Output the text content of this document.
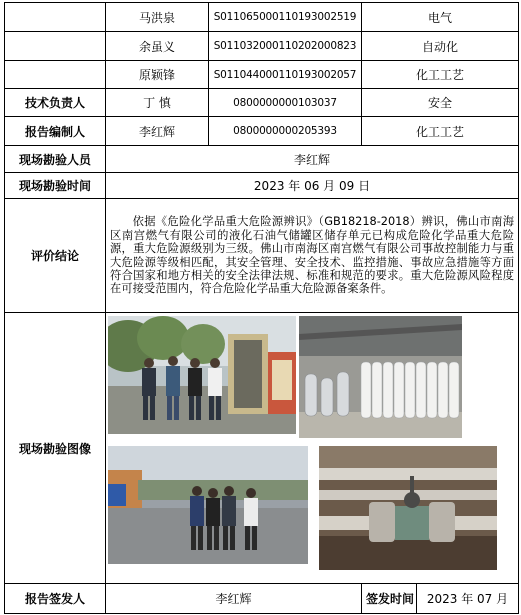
	马洪泉	S011065000110193002519	电气	
	余虽义	S011032000110202000823	自动化	
	原颖锋	S011044000110193002057	化工工艺	
技术负责人	丁 慎	0800000000103037	安全	
报告编制人	李红辉	0800000000205393	化工工艺	
现场勘验人员	李红辉			
现场勘验时间	2023 年 06 月 09 日			
评价结论	依据《危险化学品重大危险源辨识》（GB18218-2018）辨识，佛山市南海区南宫燃气有限公司的液化石油气储罐区储存单元已构成危险化学品重大危险源，重大危险源级别为三级。佛山市南海区南宫燃气有限公司事故控制能力与重大危险源等级相匹配，其安全管理、安全技术、监控措施、事故应急措施等方面符合国家和地方相关的安全法律法规、标准和规范的要求。重大危险源风险程度在可接受范围内，符合危险化学品重大危险源备案条件。			

现场勘验图像	

报告签发人	李红辉		签发时间	2023 年 07 月
